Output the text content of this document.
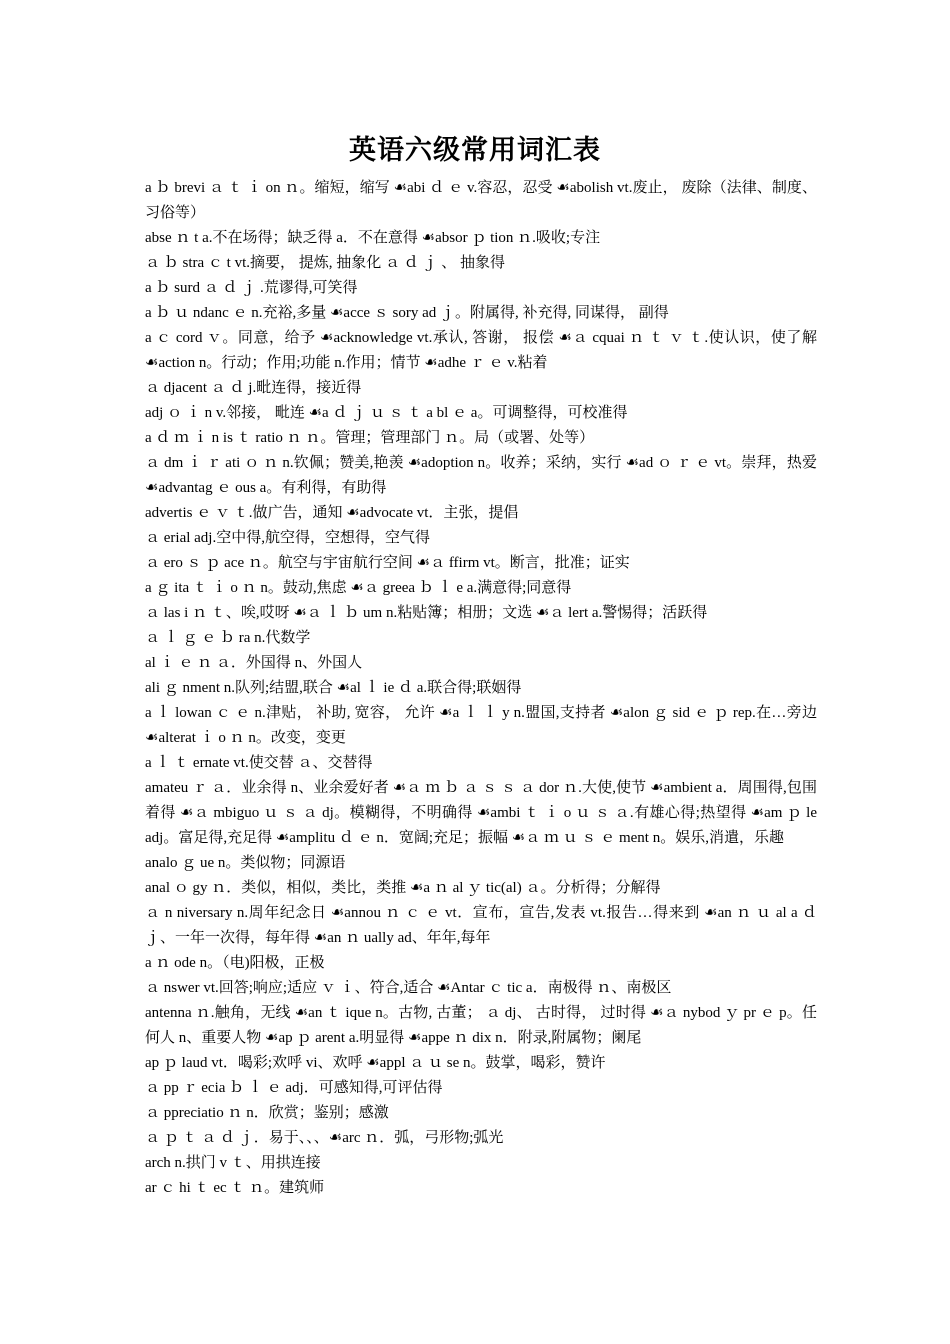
英语六级常用词汇表

a ｂ brevi ａ ｔ ｉ on ｎ。缩短，缩写 ☙abi ｄ ｅ v.容忍，忍受 ☙abolish vt.废止， 废除（法律、制度、习俗等）

abse ｎ t a.不在场得；缺乏得 a．不在意得 ☙absor ｐ tion ｎ.吸收;专注

ａ ｂ stra ｃ t vt.摘要， 提炼, 抽象化 ａ ｄ ｊ 、 抽象得

a ｂ surd ａ ｄ ｊ .荒谬得,可笑得

a ｂ ｕ ndanc ｅ n.充裕,多量 ☙acce ｓ sory ad ｊ。附属得, 补充得, 同谋得， 副得

a ｃ cord ｖ。同意，给予 ☙acknowledge vt.承认, 答谢， 报偿 ☙ａ cquai ｎ ｔ ｖ ｔ.使认识，使了解 ☙action n。行动；作用;功能 n.作用；情节 ☙adhe ｒ ｅ v.粘着

ａ djacent ａ ｄ j.毗连得，接近得

adj ｏ ｉ n v.邻接， 毗连 ☙a ｄ ｊ ｕ ｓ ｔ a bl ｅ a。可调整得，可校准得

a ｄ ｍ ｉ n is ｔ ratio ｎ ｎ。管理；管理部门 ｎ。局（或署、处等）

ａ dm ｉ ｒ ati ｏ ｎ n.钦佩；赞美,艳羡 ☙adoption n。收养；采纳，实行 ☙ad ｏ ｒ ｅ vt。崇拜，热爱 ☙advantag ｅ ous a。有利得，有助得

advertis ｅ ｖ ｔ.做广告，通知 ☙advocate vt．主张，提倡

ａ erial adj.空中得,航空得，空想得，空气得

ａ ero ｓ ｐ ace ｎ。航空与宇宙航行空间 ☙ａ ffirm vt。断言，批准；证实

a ｇ ita ｔ ｉ o ｎ n。鼓动,焦虑 ☙ａ greea ｂ ｌ e a.满意得;同意得

ａ las i ｎ ｔ、唉,哎呀 ☙ａ ｌ ｂ um n.粘贴簿；相册；文选 ☙ａ lert a.警惕得；活跃得

ａ ｌ ｇ ｅ ｂ ra n.代数学

al ｉ ｅ ｎ ａ．外国得 n、外国人

ali ｇ nment n.队列;结盟,联合 ☙al ｌ ie ｄ a.联合得;联姻得

a ｌ lowan ｃ ｅ n.津贴， 补助, 宽容， 允许 ☙a ｌ ｌ y n.盟国,支持者 ☙alon ｇ sid ｅ ｐ rep.在…旁边 ☙alterat ｉ o ｎ n。改变，变更

a ｌ ｔ ernate vt.使交替 ａ、交替得

amateu ｒ ａ．业余得 n、业余爱好者 ☙ａ ｍ ｂ ａ ｓ ｓ ａ dor ｎ.大使,使节 ☙ambient a．周围得,包围着得 ☙ａ mbiguo ｕ ｓ ａ dj。模糊得，不明确得 ☙ambi ｔ ｉ o ｕ ｓ ａ.有雄心得;热望得 ☙am ｐ le adj。富足得,充足得 ☙amplitu ｄ ｅ n．宽阔;充足；振幅 ☙ａ ｍ ｕ ｓ ｅ ment n。娱乐,消遣，乐趣

analo ｇ ue n。类似物；同源语

anal ｏ gy ｎ．类似，相似，类比，类推 ☙a ｎ al ｙ tic(al) ａ。分析得；分解得

ａ n niversary n.周年纪念日 ☙annou ｎ ｃ ｅ vt．宣布，宣告,发表 vt.报告…得来到 ☙an ｎ ｕ al a ｄ ｊ、一年一次得，每年得 ☙an ｎ ually ad、年年,每年

a ｎ ode n。（电)阳极，正极

ａ nswer vt.回答;响应;适应 ｖ ｉ、符合,适合 ☙Antar ｃ tic a．南极得 ｎ、南极区

antenna ｎ.触角，无线 ☙an ｔ ique n。古物, 古董； ａ dj、 古时得， 过时得 ☙ａ nybod ｙ pr ｅ p。任何人 n、重要人物 ☙ap ｐ arent a.明显得 ☙appe ｎ dix n．附录,附属物；阑尾

ap ｐ laud vt．喝彩;欢呼 vi、欢呼 ☙appl ａ ｕ se n。鼓掌，喝彩，赞许

ａ pp ｒ ecia ｂ ｌ ｅ adj．可感知得,可评估得

ａ ppreciatio ｎ n．欣赏；鉴别；感激

ａ ｐ ｔ ａ ｄ ｊ．易于、、、☙arc ｎ．弧，弓形物;弧光

arch n.拱门 v ｔ、用拱连接

ar ｃ hi ｔ ec ｔ ｎ。建筑师
